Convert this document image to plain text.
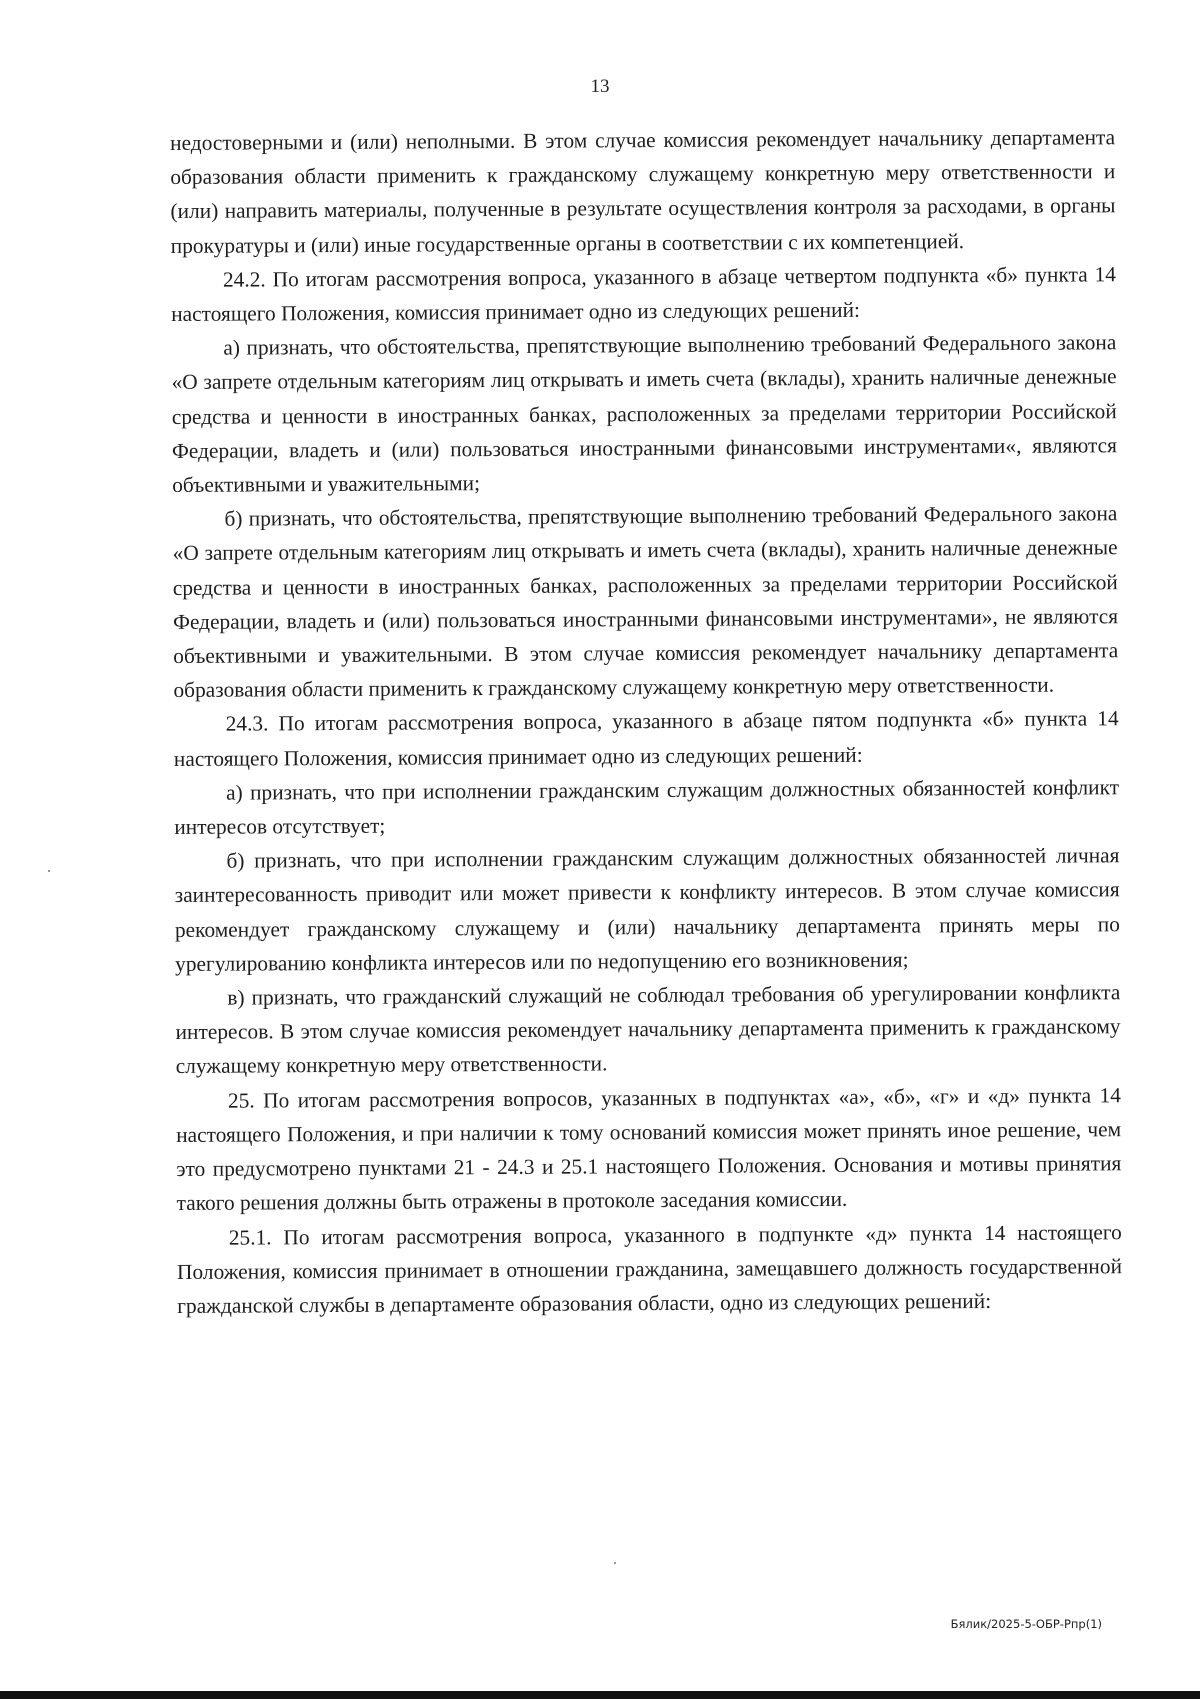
13

недостоверными и (или) неполными. В этом случае комиссия рекомендует начальнику департамента образования области применить к гражданскому служащему конкретную меру ответственности и (или) направить материалы, полученные в результате осуществления контроля за расходами, в органы прокуратуры и (или) иные государственные органы в соответствии с их компетенцией.

24.2. По итогам рассмотрения вопроса, указанного в абзаце четвертом подпункта «б» пункта 14 настоящего Положения, комиссия принимает одно из следующих решений:

а) признать, что обстоятельства, препятствующие выполнению требований Федерального закона «О запрете отдельным категориям лиц открывать и иметь счета (вклады), хранить наличные денежные средства и ценности в иностранных банках, расположенных за пределами территории Российской Федерации, владеть и (или) пользоваться иностранными финансовыми инструментами«, являются объективными и уважительными;

б) признать, что обстоятельства, препятствующие выполнению требований Федерального закона «О запрете отдельным категориям лиц открывать и иметь счета (вклады), хранить наличные денежные средства и ценности в иностранных банках, расположенных за пределами территории Российской Федерации, владеть и (или) пользоваться иностранными финансовыми инструментами», не являются объективными и уважительными. В этом случае комиссия рекомендует начальнику департамента образования области применить к гражданскому служащему конкретную меру ответственности.

24.3. По итогам рассмотрения вопроса, указанного в абзаце пятом подпункта «б» пункта 14 настоящего Положения, комиссия принимает одно из следующих решений:

а) признать, что при исполнении гражданским служащим должностных обязанностей конфликт интересов отсутствует;

б) признать, что при исполнении гражданским служащим должностных обязанностей личная заинтересованность приводит или может привести к конфликту интересов. В этом случае комиссия рекомендует гражданскому служащему и (или) начальнику департамента принять меры по урегулированию конфликта интересов или по недопущению его возникновения;

в) признать, что гражданский служащий не соблюдал требования об урегулировании конфликта интересов. В этом случае комиссия рекомендует начальнику департамента применить к гражданскому служащему конкретную меру ответственности.

25. По итогам рассмотрения вопросов, указанных в подпунктах «а», «б», «г» и «д» пункта 14 настоящего Положения, и при наличии к тому оснований комиссия может принять иное решение, чем это предусмотрено пунктами 21 - 24.3 и 25.1 настоящего Положения. Основания и мотивы принятия такого решения должны быть отражены в протоколе заседания комиссии.

25.1. По итогам рассмотрения вопроса, указанного в подпункте «д» пункта 14 настоящего Положения, комиссия принимает в отношении гражданина, замещавшего должность государственной гражданской службы в департаменте образования области, одно из следующих решений:

Бялик/2025-5-ОБР-Рпр(1)
